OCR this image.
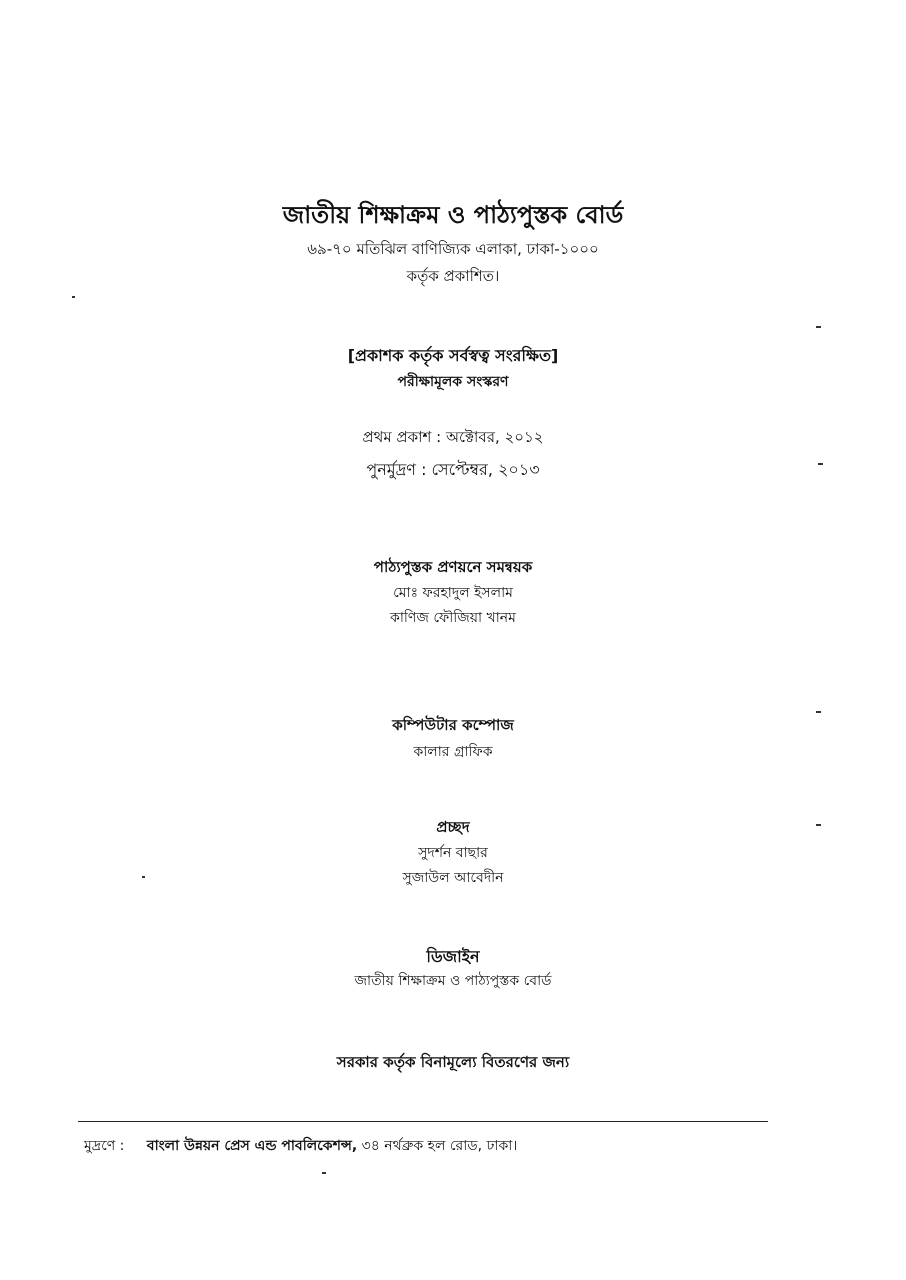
জাতীয় শিক্ষাক্রম ও পাঠ্যপুস্তক বোর্ড
৬৯-৭০ মতিঝিল বাণিজ্যিক এলাকা, ঢাকা-১০০০
কর্তৃক প্রকাশিত।
[প্রকাশক কর্তৃক সর্বস্বত্ব সংরক্ষিত]
পরীক্ষামূলক সংস্করণ
প্রথম প্রকাশ : অক্টোবর, ২০১২
পুনর্মুদ্রণ : সেপ্টেম্বর, ২০১৩
পাঠ্যপুস্তক প্রণয়নে সমন্বয়ক
মোঃ ফরহাদুল ইসলাম
কাণিজ ফৌজিয়া খানম
কম্পিউটার কম্পোজ
কালার গ্রাফিক
প্রচ্ছদ
সুদর্শন বাছার
সুজাউল আবেদীন
ডিজাইন
জাতীয় শিক্ষাক্রম ও পাঠ্যপুস্তক বোর্ড
সরকার কর্তৃক বিনামূল্যে বিতরণের জন্য
মুদ্রণে : বাংলা উন্নয়ন প্রেস এন্ড পাবলিকেশন্স, ৩৪ নর্থব্রুক হল রোড, ঢাকা।
